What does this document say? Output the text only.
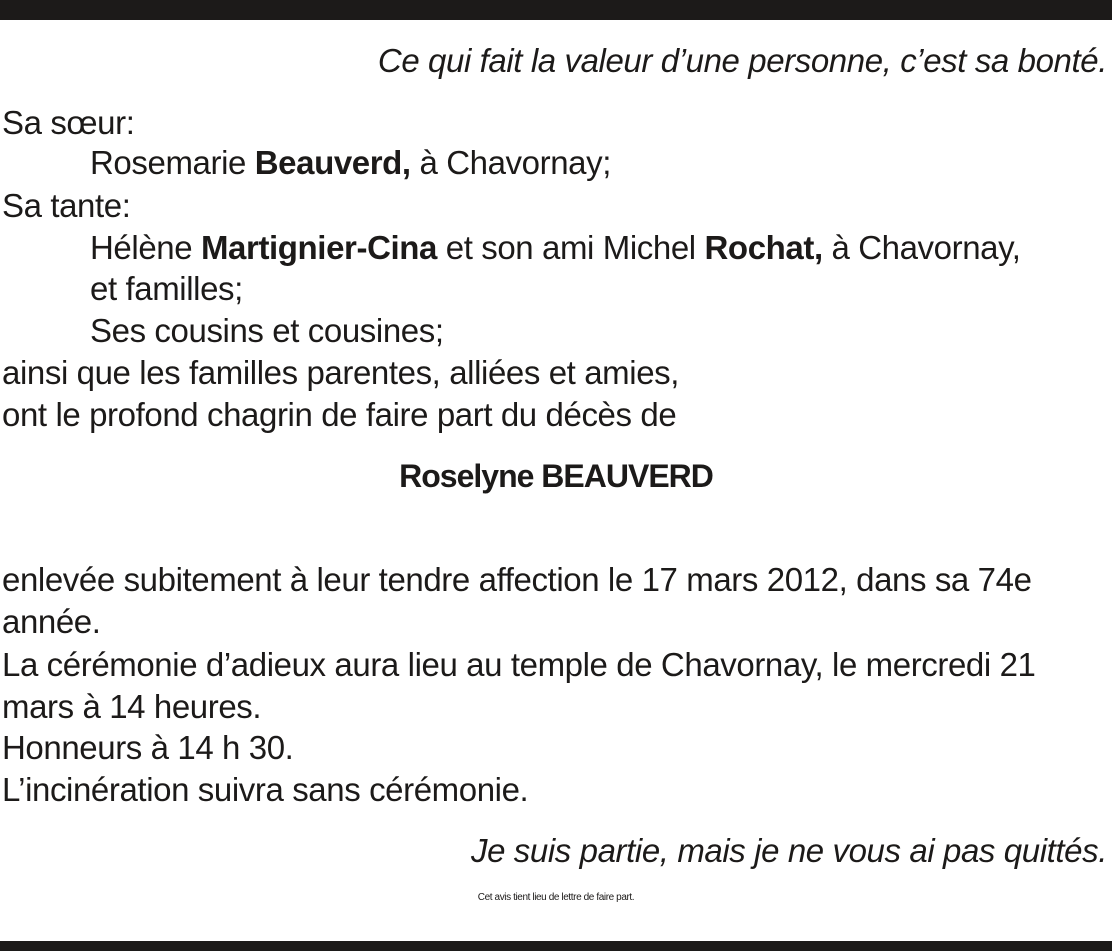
Ce qui fait la valeur d’une personne, c’est sa bonté.
Sa sœur:
Rosemarie Beauverd, à Chavornay;
Sa tante:
Hélène Martignier-Cina et son ami Michel Rochat, à Chavornay,
et familles;
Ses cousins et cousines;
ainsi que les familles parentes, alliées et amies,
ont le profond chagrin de faire part du décès de
Roselyne BEAUVERD
enlevée subitement à leur tendre affection le 17 mars 2012, dans sa 74e
année.
La cérémonie d’adieux aura lieu au temple de Chavornay, le mercredi 21
mars à 14 heures.
Honneurs à 14 h 30.
L’incinération suivra sans cérémonie.
Je suis partie, mais je ne vous ai pas quittés.
Cet avis tient lieu de lettre de faire part.
